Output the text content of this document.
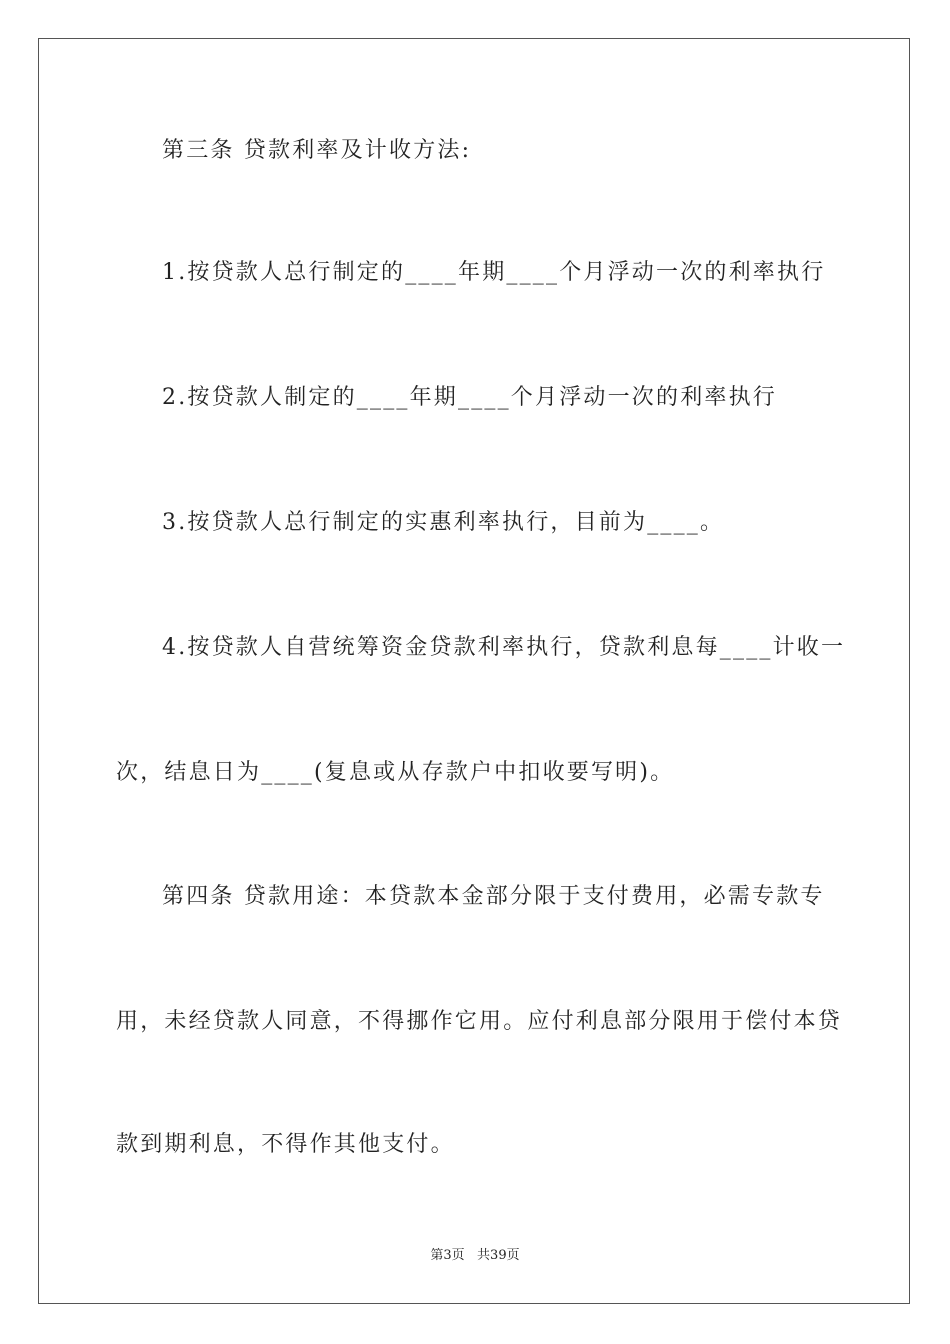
第三条 贷款利率及计收方法:
1.按贷款人总行制定的____年期____个月浮动一次的利率执行
2.按贷款人制定的____年期____个月浮动一次的利率执行
3.按贷款人总行制定的实惠利率执行，目前为____。
4.按贷款人自营统筹资金贷款利率执行，贷款利息每____计收一
次，结息日为____(复息或从存款户中扣收要写明)。
第四条 贷款用途：本贷款本金部分限于支付费用，必需专款专
用，未经贷款人同意，不得挪作它用。应付利息部分限用于偿付本贷
款到期利息，不得作其他支付。
第3页   共39页
